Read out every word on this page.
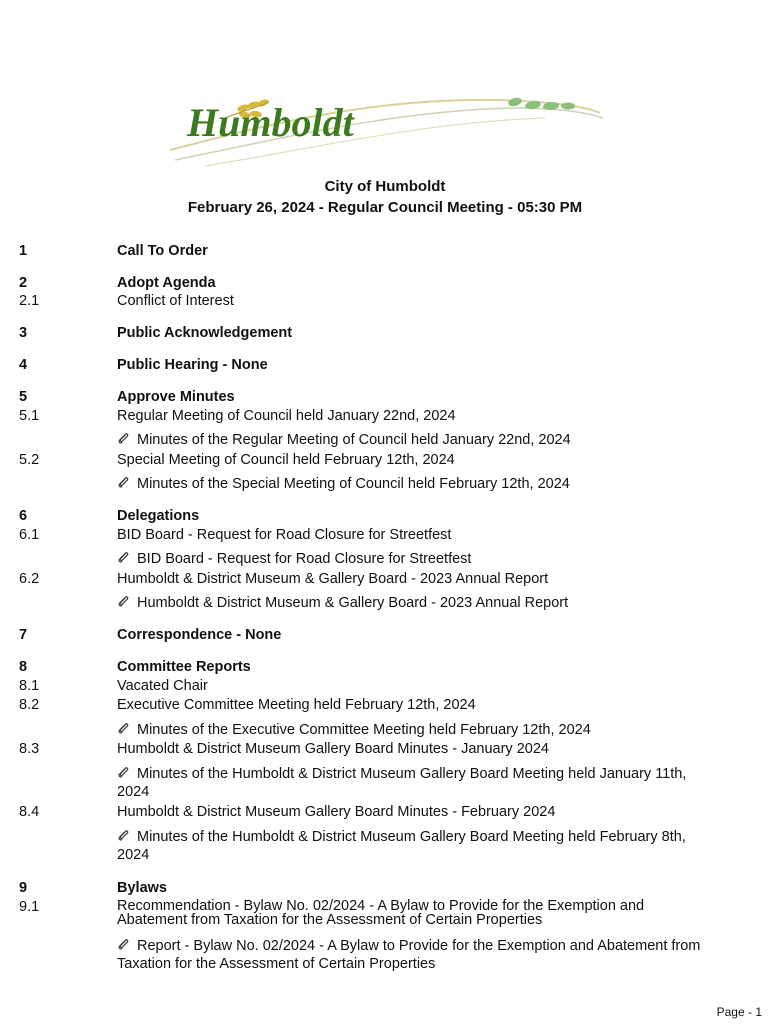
Humboldt
City of Humboldt
February 26, 2024 - Regular Council Meeting - 05:30 PM
1	Call To Order
2	Adopt Agenda
2.1	Conflict of Interest
3	Public Acknowledgement
4	Public Hearing - None
5	Approve Minutes
5.1	Regular Meeting of Council held January 22nd, 2024
Minutes of the Regular Meeting of Council held January 22nd, 2024
5.2	Special Meeting of Council held February 12th, 2024
Minutes of the Special Meeting of Council held February 12th, 2024
6	Delegations
6.1	BID Board - Request for Road Closure for Streetfest
BID Board - Request for Road Closure for Streetfest
6.2	Humboldt & District Museum & Gallery Board - 2023 Annual Report
Humboldt & District Museum & Gallery Board - 2023 Annual Report
7	Correspondence - None
8	Committee Reports
8.1	Vacated Chair
8.2	Executive Committee Meeting held February 12th, 2024
Minutes of the Executive Committee Meeting held February 12th, 2024
8.3	Humboldt & District Museum Gallery Board Minutes - January 2024
Minutes of the Humboldt & District Museum Gallery Board Meeting held January 11th, 2024
8.4	Humboldt & District Museum Gallery Board Minutes - February 2024
Minutes of the Humboldt & District Museum Gallery Board Meeting held February 8th, 2024
9	Bylaws
9.1	Recommendation - Bylaw No. 02/2024 - A Bylaw to Provide for the Exemption and Abatement from Taxation for the Assessment of Certain Properties
Report - Bylaw No. 02/2024 - A Bylaw to Provide for the Exemption and Abatement from Taxation for the Assessment of Certain Properties
Page - 1
